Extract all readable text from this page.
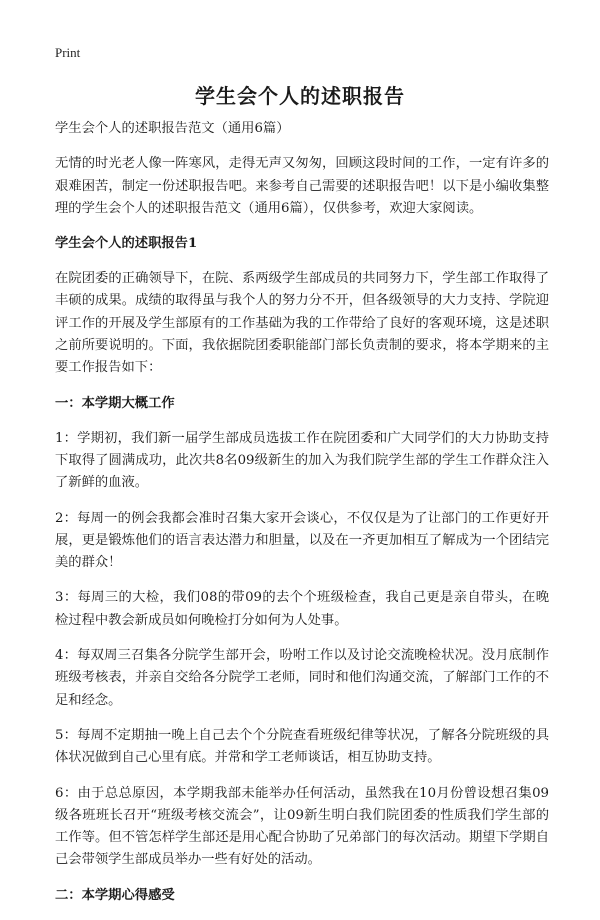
Print
学生会个人的述职报告

学生会个人的述职报告范文（通用6篇）

无情的时光老人像一阵寒风，走得无声又匆匆，回顾这段时间的工作，一定有许多的艰难困苦，制定一份述职报告吧。来参考自己需要的述职报告吧！以下是小编收集整理的学生会个人的述职报告范文（通用6篇），仅供参考，欢迎大家阅读。

学生会个人的述职报告1

在院团委的正确领导下，在院、系两级学生部成员的共同努力下，学生部工作取得了丰硕的成果。成绩的取得虽与我个人的努力分不开，但各级领导的大力支持、学院迎评工作的开展及学生部原有的工作基础为我的工作带给了良好的客观环境，这是述职之前所要说明的。下面，我依据院团委职能部门部长负责制的要求，将本学期来的主要工作报告如下：

一：本学期大概工作

1：学期初，我们新一届学生部成员选拔工作在院团委和广大同学们的大力协助支持下取得了圆满成功，此次共8名09级新生的加入为我们院学生部的学生工作群众注入了新鲜的血液。

2：每周一的例会我都会准时召集大家开会谈心，不仅仅是为了让部门的工作更好开展，更是锻炼他们的语言表达潜力和胆量，以及在一齐更加相互了解成为一个团结完美的群众！

3：每周三的大检，我们08的带09的去个个班级检查，我自己更是亲自带头，在晚检过程中教会新成员如何晚检打分如何为人处事。

4：每双周三召集各分院学生部开会，吩咐工作以及讨论交流晚检状况。没月底制作班级考核表，并亲自交给各分院学工老师，同时和他们沟通交流，了解部门工作的不足和经念。

5：每周不定期抽一晚上自己去个个分院查看班级纪律等状况，了解各分院班级的具体状况做到自己心里有底。并常和学工老师谈话，相互协助支持。

6：由于总总原因，本学期我部未能举办任何活动，虽然我在10月份曾设想召集09级各班班长召开“班级考核交流会”，让09新生明白我们院团委的性质我们学生部的工作等。但不管怎样学生部还是用心配合协助了兄弟部门的每次活动。期望下学期自己会带领学生部成员举办一些有好处的活动。

二：本学期心得感受
